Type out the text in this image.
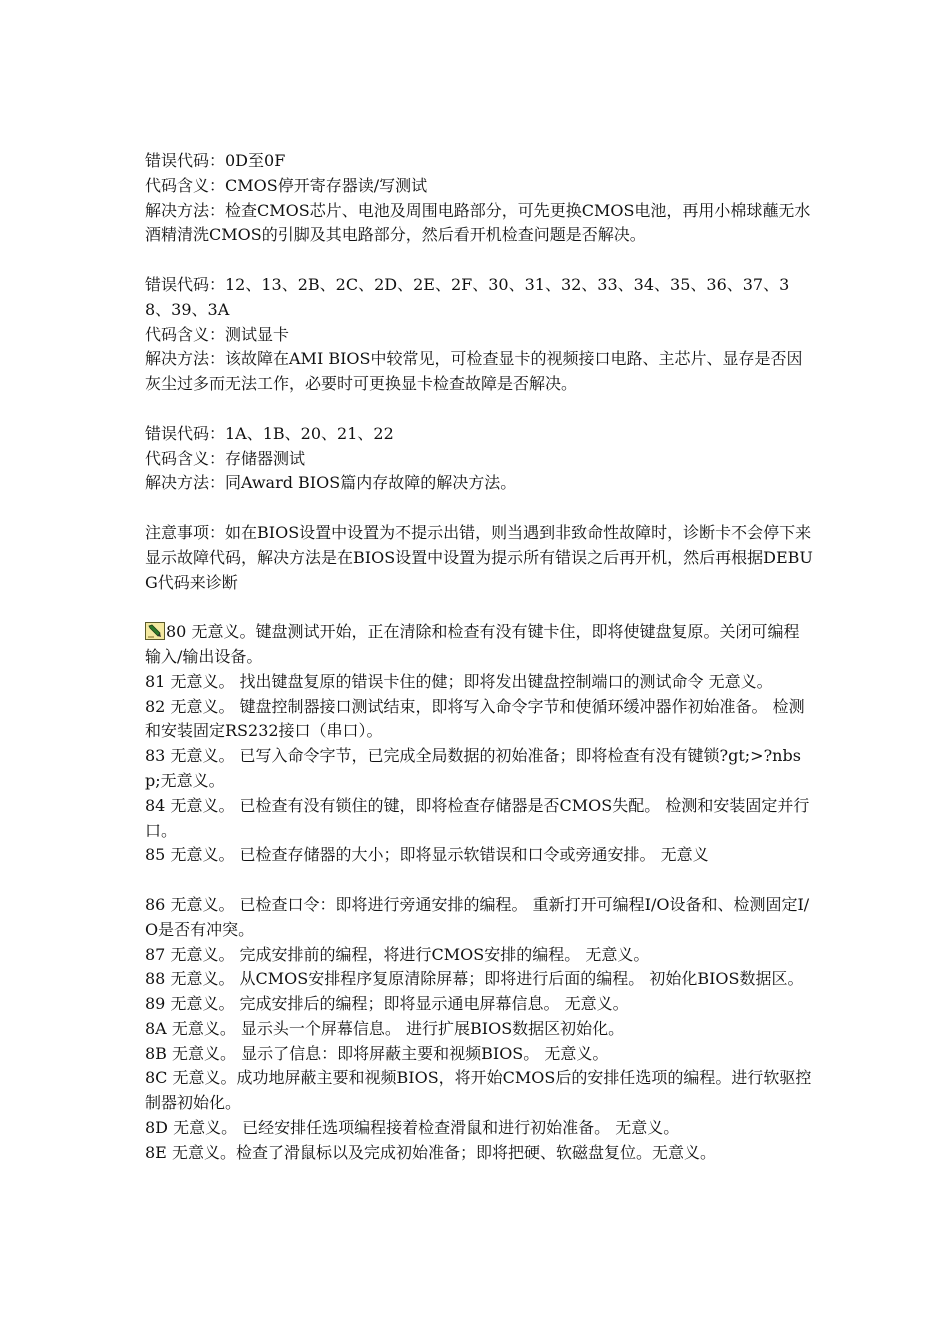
错误代码：0D至0F

代码含义：CMOS停开寄存器读/写测试

解决方法：检查CMOS芯片、电池及周围电路部分，可先更换CMOS电池，再用小棉球蘸无水酒精清洗CMOS的引脚及其电路部分，然后看开机检查问题是否解决。

错误代码：12、13、2B、2C、2D、2E、2F、30、31、32、33、34、35、36、37、38、39、3A

代码含义：测试显卡

解决方法：该故障在AMI BIOS中较常见，可检查显卡的视频接口电路、主芯片、显存是否因灰尘过多而无法工作，必要时可更换显卡检查故障是否解决。

错误代码：1A、1B、20、21、22

代码含义：存储器测试

解决方法：同Award BIOS篇内存故障的解决方法。

注意事项：如在BIOS设置中设置为不提示出错，则当遇到非致命性故障时，诊断卡不会停下来显示故障代码，解决方法是在BIOS设置中设置为提示所有错误之后再开机，然后再根据DEBUG代码来诊断

80 无意义。键盘测试开始，正在清除和检查有没有键卡住，即将使键盘复原。关闭可编程输入/输出设备。

81 无意义。 找出键盘复原的错误卡住的健；即将发出键盘控制端口的测试命令 无意义。

82 无意义。 键盘控制器接口测试结束，即将写入命令字节和使循环缓冲器作初始准备。 检测和安装固定RS232接口（串口）。

83 无意义。 已写入命令字节，已完成全局数据的初始准备；即将检查有没有键锁?gt;>?nbsp;无意义。

84 无意义。 已检查有没有锁住的键，即将检查存储器是否CMOS失配。 检测和安装固定并行口。

85 无意义。 已检查存储器的大小；即将显示软错误和口令或旁通安排。 无意义

86 无意义。 已检查口令：即将进行旁通安排的编程。 重新打开可编程I/O设备和、检测固定I/O是否有冲突。

87 无意义。 完成安排前的编程，将进行CMOS安排的编程。 无意义。

88 无意义。 从CMOS安排程序复原清除屏幕；即将进行后面的编程。 初始化BIOS数据区。

89 无意义。 完成安排后的编程；即将显示通电屏幕信息。 无意义。

8A 无意义。 显示头一个屏幕信息。 进行扩展BIOS数据区初始化。

8B 无意义。 显示了信息：即将屏蔽主要和视频BIOS。 无意义。

8C 无意义。成功地屏蔽主要和视频BIOS，将开始CMOS后的安排任选项的编程。进行软驱控制器初始化。

8D 无意义。 已经安排任选项编程接着检查滑鼠和进行初始准备。 无意义。

8E 无意义。检查了滑鼠标以及完成初始准备；即将把硬、软磁盘复位。无意义。
